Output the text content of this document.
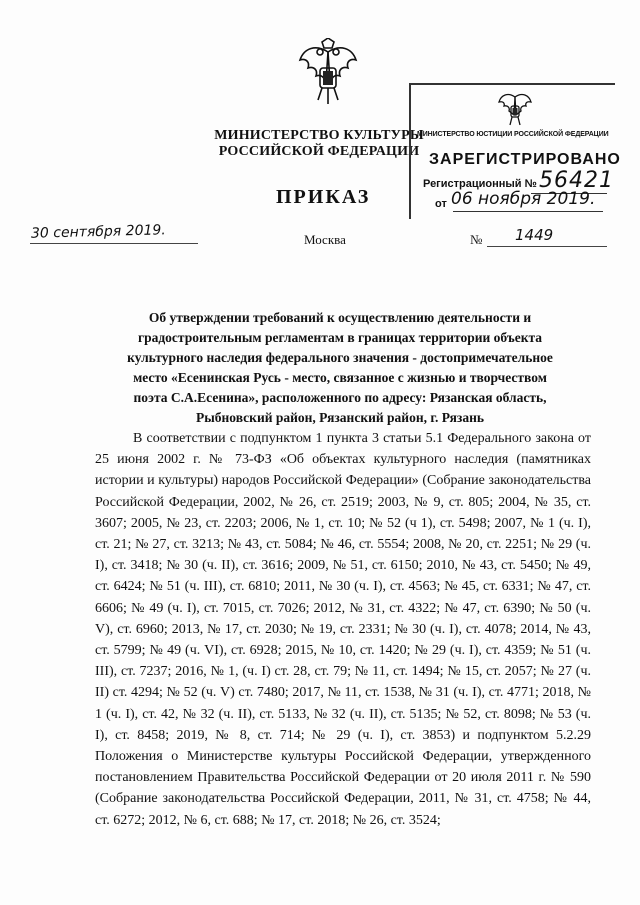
МИНИСТЕРСТВО КУЛЬТУРЫ
РОССИЙСКОЙ ФЕДЕРАЦИИ
МИНИСТЕРСТВО ЮСТИЦИИ РОССИЙСКОЙ ФЕДЕРАЦИИ
ЗАРЕГИСТРИРОВАНО
Регистрационный № 56421
от 06 ноября 2019.
ПРИКАЗ
30 сентября 2019.	Москва	№ 1449
Об утверждении требований к осуществлению деятельности и градостроительным регламентам в границах территории объекта культурного наследия федерального значения - достопримечательное место «Есенинская Русь - место, связанное с жизнью и творчеством поэта С.А.Есенина», расположенного по адресу: Рязанская область, Рыбновский район, Рязанский район, г. Рязань

В соответствии с подпунктом 1 пункта 3 статьи 5.1 Федерального закона от 25 июня 2002 г. № 73-ФЗ «Об объектах культурного наследия (памятниках истории и культуры) народов Российской Федерации» (Собрание законодательства Российской Федерации, 2002, № 26, ст. 2519; 2003, № 9, ст. 805; 2004, № 35, ст. 3607; 2005, № 23, ст. 2203; 2006, № 1, ст. 10; № 52 (ч 1), ст. 5498; 2007, № 1 (ч. I), ст. 21; № 27, ст. 3213; № 43, ст. 5084; № 46, ст. 5554; 2008, № 20, ст. 2251; № 29 (ч. I), ст. 3418; № 30 (ч. II), ст. 3616; 2009, № 51, ст. 6150; 2010, № 43, ст. 5450; № 49, ст. 6424; № 51 (ч. III), ст. 6810; 2011, № 30 (ч. I), ст. 4563; № 45, ст. 6331; № 47, ст. 6606; № 49 (ч. I), ст. 7015, ст. 7026; 2012, № 31, ст. 4322; № 47, ст. 6390; № 50 (ч. V), ст. 6960; 2013, № 17, ст. 2030; № 19, ст. 2331; № 30 (ч. I), ст. 4078; 2014, № 43, ст. 5799; № 49 (ч. VI), ст. 6928; 2015, № 10, ст. 1420; № 29 (ч. I), ст. 4359; № 51 (ч. III), ст. 7237; 2016, № 1, (ч. I) ст. 28, ст. 79; № 11, ст. 1494; № 15, ст. 2057; № 27 (ч. II) ст. 4294; № 52 (ч. V) ст. 7480; 2017, № 11, ст. 1538, № 31 (ч. I), ст. 4771; 2018, № 1 (ч. I), ст. 42, № 32 (ч. II), ст. 5133, № 32 (ч. II), ст. 5135; № 52, ст. 8098; № 53 (ч. I), ст. 8458; 2019, № 8, ст. 714; № 29 (ч. I), ст. 3853) и подпунктом 5.2.29 Положения о Министерстве культуры Российской Федерации, утвержденного постановлением Правительства Российской Федерации от 20 июля 2011 г. № 590 (Собрание законодательства Российской Федерации, 2011, № 31, ст. 4758; № 44, ст. 6272; 2012, № 6, ст. 688; № 17, ст. 2018; № 26, ст. 3524;
